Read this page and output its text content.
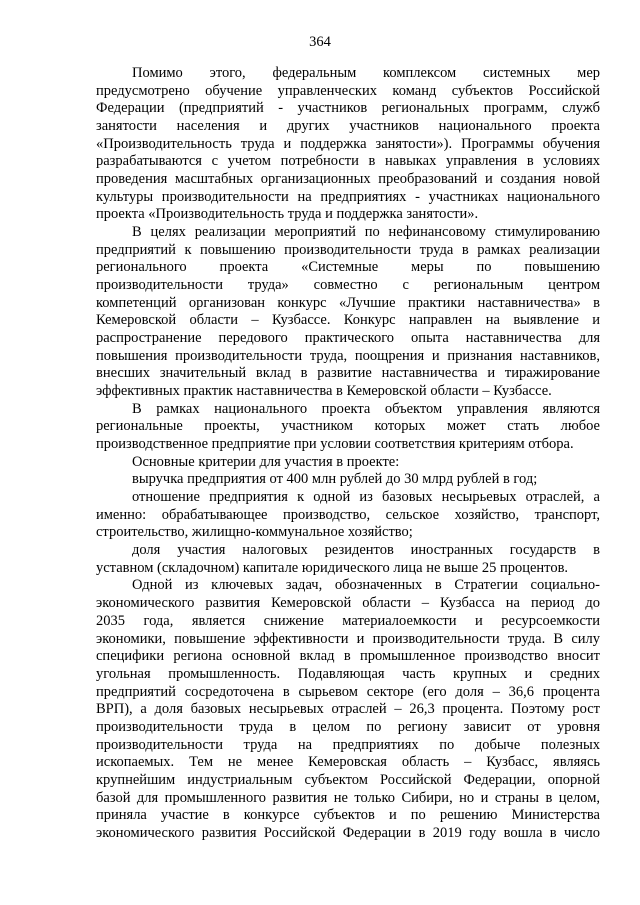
364
Помимо этого, федеральным комплексом системных мер
предусмотрено обучение управленческих команд субъектов Российской
Федерации (предприятий - участников региональных программ, служб
занятости населения и других участников национального проекта
«Производительность труда и поддержка занятости»). Программы обучения
разрабатываются с учетом потребности в навыках управления в условиях
проведения масштабных организационных преобразований и создания новой
культуры производительности на предприятиях - участниках национального
проекта «Производительность труда и поддержка занятости».
В целях реализации мероприятий по нефинансовому стимулированию
предприятий к повышению производительности труда в рамках реализации
регионального проекта «Системные меры по повышению
производительности труда» совместно с региональным центром
компетенций организован конкурс «Лучшие практики наставничества» в
Кемеровской области – Кузбассе. Конкурс направлен на выявление и
распространение передового практического опыта наставничества для
повышения производительности труда, поощрения и признания наставников,
внесших значительный вклад в развитие наставничества и тиражирование
эффективных практик наставничества в Кемеровской области – Кузбассе.
В рамках национального проекта объектом управления являются
региональные проекты, участником которых может стать любое
производственное предприятие при условии соответствия критериям отбора.
Основные критерии для участия в проекте:
выручка предприятия от 400 млн рублей до 30 млрд рублей в год;
отношение предприятия к одной из базовых несырьевых отраслей, а
именно: обрабатывающее производство, сельское хозяйство, транспорт,
строительство, жилищно-коммунальное хозяйство;
доля участия налоговых резидентов иностранных государств в
уставном (складочном) капитале юридического лица не выше 25 процентов.
Одной из ключевых задач, обозначенных в Стратегии социально-
экономического развития Кемеровской области – Кузбасса на период до
2035 года, является снижение материалоемкости и ресурсоемкости
экономики, повышение эффективности и производительности труда. В силу
специфики региона основной вклад в промышленное производство вносит
угольная промышленность. Подавляющая часть крупных и средних
предприятий сосредоточена в сырьевом секторе (его доля – 36,6 процента
ВРП), а доля базовых несырьевых отраслей – 26,3 процента. Поэтому рост
производительности труда в целом по региону зависит от уровня
производительности труда на предприятиях по добыче полезных
ископаемых. Тем не менее Кемеровская область – Кузбасс, являясь
крупнейшим индустриальным субъектом Российской Федерации, опорной
базой для промышленного развития не только Сибири, но и страны в целом,
приняла участие в конкурсе субъектов и по решению Министерства
экономического развития Российской Федерации в 2019 году вошла в число
